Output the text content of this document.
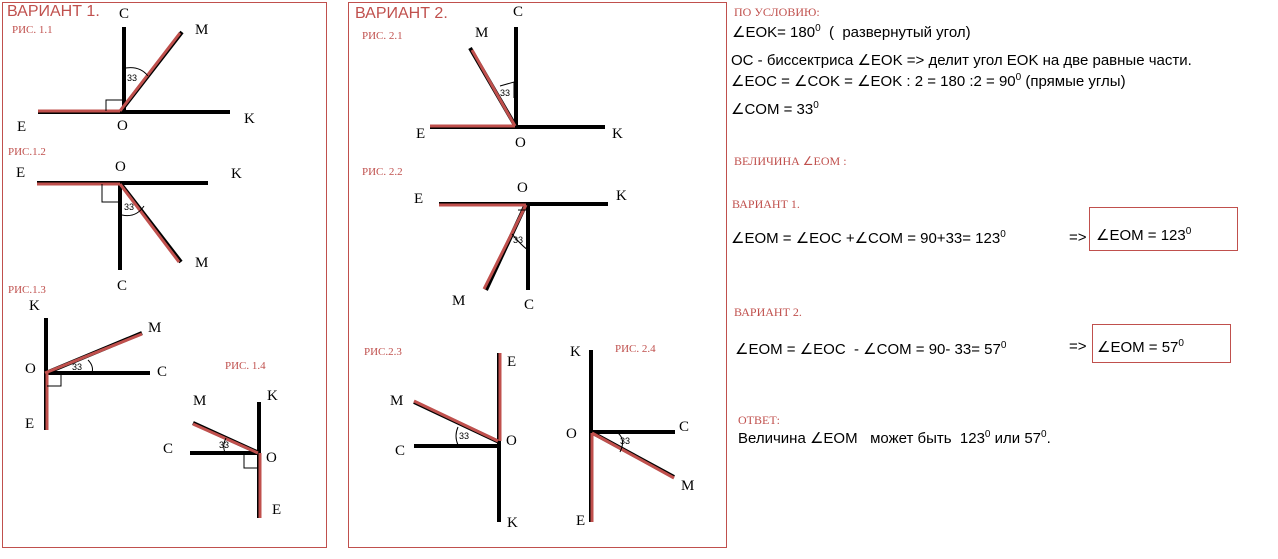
ВАРИАНТ 1.	ВАРИАНТ 2.
РИС. 1.1
РИС.1.2
РИС.1.3
РИС. 1.4
РИС. 2.1
РИС. 2.2
РИС.2.3	РИС. 2.4
C
M
E	O	K
33
E	O	K
M
C
33
K
M
O	C
E
33
M	K
C
O
E
33
M
C
E
O
K
33
E
O	K
M	C
33
E
M
C
O
K
33
K
O	C
M
E
33
ПО УСЛОВИЮ:
∠EOK= $180^0$  (  развернутый угол)
OC - биссектриса ∠EOK => делит угол EOK на две равные части.
∠EOC = ∠COK = ∠EOK : 2 = 180 :2 = $90^0$ (прямые углы)
∠COM = $33^0$
ВЕЛИЧИНА ∠EOM :
ВАРИАНТ 1.
∠EOM = ∠EOC +∠COM = $90+33= 123^0$	=> ∠EOM = $123^0$
ВАРИАНТ 2.
∠EOM = ∠EOC  - ∠COM = 90- $33= 57^0$	=> ∠EOM = $57^0$
ОТВЕТ:
Величина ∠EOM   может быть  $123^0$ или $57^0$.
